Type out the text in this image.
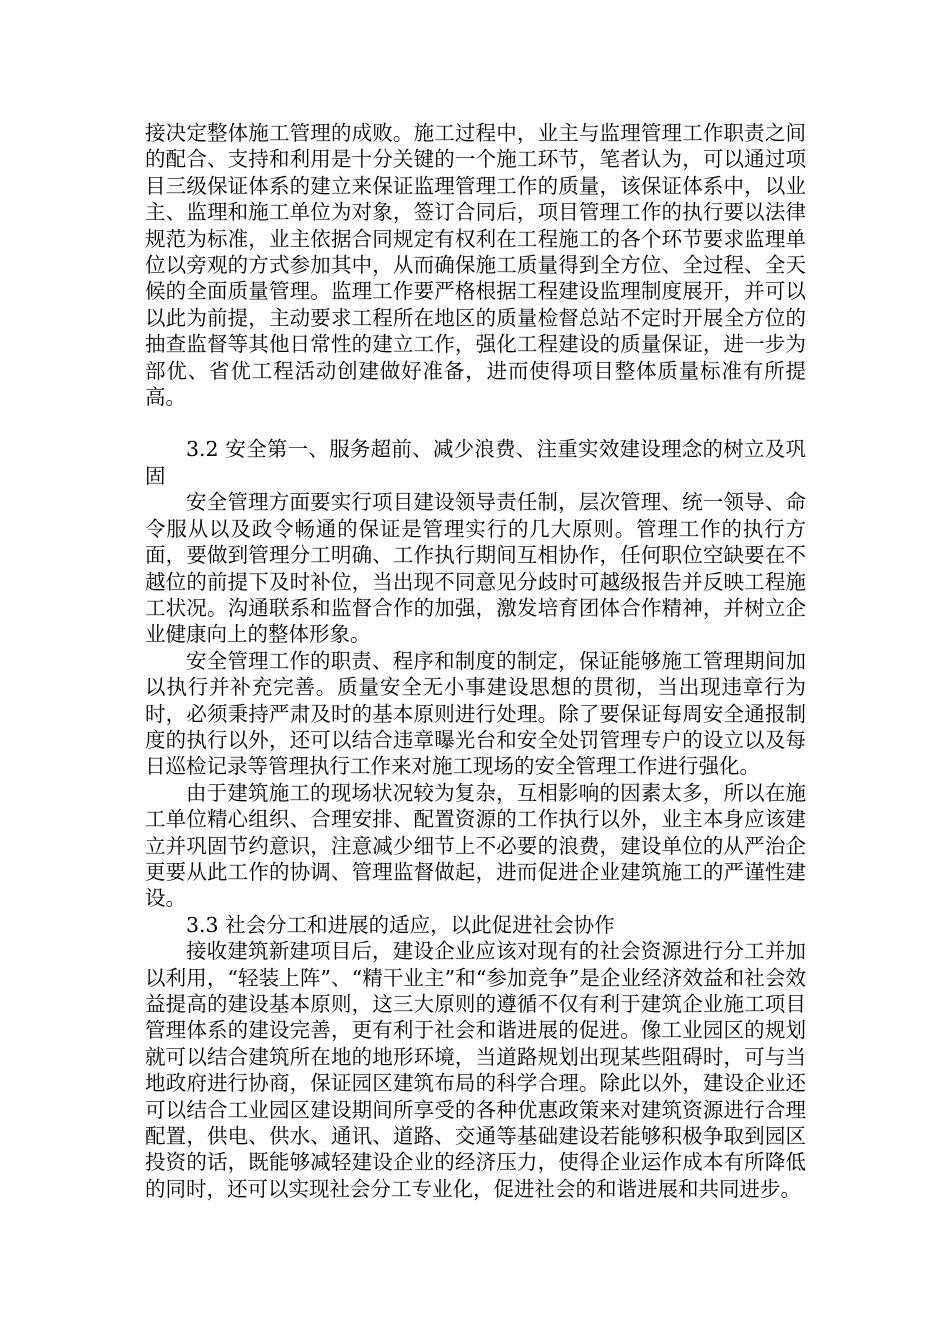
接决定整体施工管理的成败。施工过程中，业主与监理管理工作职责之间的配合、支持和利用是十分关键的一个施工环节，笔者认为，可以通过项目三级保证体系的建立来保证监理管理工作的质量，该保证体系中，以业主、监理和施工单位为对象，签订合同后，项目管理工作的执行要以法律规范为标准，业主依据合同规定有权利在工程施工的各个环节要求监理单位以旁观的方式参加其中，从而确保施工质量得到全方位、全过程、全天候的全面质量管理。监理工作要严格根据工程建设监理制度展开，并可以以此为前提，主动要求工程所在地区的质量检督总站不定时开展全方位的抽查监督等其他日常性的建立工作，强化工程建设的质量保证，进一步为部优、省优工程活动创建做好准备，进而使得项目整体质量标准有所提高。

3.2 安全第一、服务超前、减少浪费、注重实效建设理念的树立及巩固

安全管理方面要实行项目建设领导责任制，层次管理、统一领导、命令服从以及政令畅通的保证是管理实行的几大原则。管理工作的执行方面，要做到管理分工明确、工作执行期间互相协作，任何职位空缺要在不越位的前提下及时补位，当出现不同意见分歧时可越级报告并反映工程施工状况。沟通联系和监督合作的加强，激发培育团体合作精神，并树立企业健康向上的整体形象。

安全管理工作的职责、程序和制度的制定，保证能够施工管理期间加以执行并补充完善。质量安全无小事建设思想的贯彻，当出现违章行为时，必须秉持严肃及时的基本原则进行处理。除了要保证每周安全通报制度的执行以外，还可以结合违章曝光台和安全处罚管理专户的设立以及每日巡检记录等管理执行工作来对施工现场的安全管理工作进行强化。

由于建筑施工的现场状况较为复杂，互相影响的因素太多，所以在施工单位精心组织、合理安排、配置资源的工作执行以外，业主本身应该建立并巩固节约意识，注意减少细节上不必要的浪费，建设单位的从严治企更要从此工作的协调、管理监督做起，进而促进企业建筑施工的严谨性建设。

3.3 社会分工和进展的适应，以此促进社会协作

接收建筑新建项目后，建设企业应该对现有的社会资源进行分工并加以利用，“轻装上阵”、“精干业主”和“参加竞争”是企业经济效益和社会效益提高的建设基本原则，这三大原则的遵循不仅有利于建筑企业施工项目管理体系的建设完善，更有利于社会和谐进展的促进。像工业园区的规划就可以结合建筑所在地的地形环境，当道路规划出现某些阻碍时，可与当地政府进行协商，保证园区建筑布局的科学合理。除此以外，建设企业还可以结合工业园区建设期间所享受的各种优惠政策来对建筑资源进行合理配置，供电、供水、通讯、道路、交通等基础建设若能够积极争取到园区投资的话，既能够减轻建设企业的经济压力，使得企业运作成本有所降低的同时，还可以实现社会分工专业化，促进社会的和谐进展和共同进步。
